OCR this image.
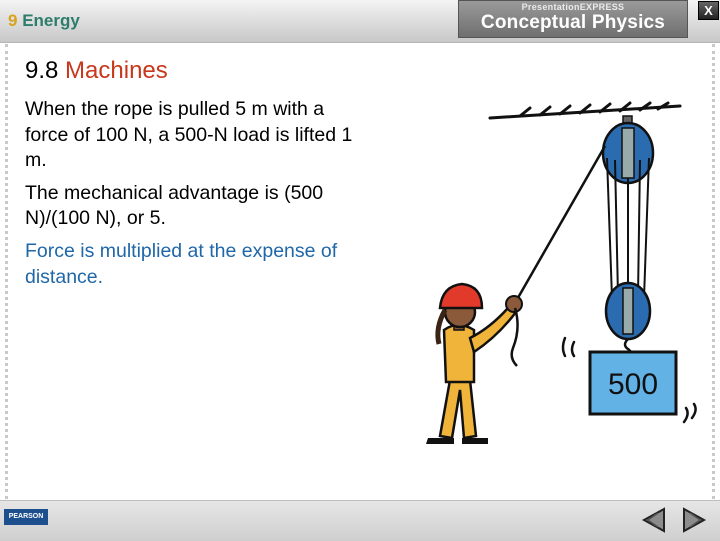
9 Energy
PresentationEXPRESS
Conceptual Physics
X
9.8 Machines

When the rope is pulled 5 m with a force of 100 N, a 500-N load is lifted 1 m.

The mechanical advantage is (500 N)/(100 N), or 5.

Force is multiplied at the expense of distance.

500
PEARSON
